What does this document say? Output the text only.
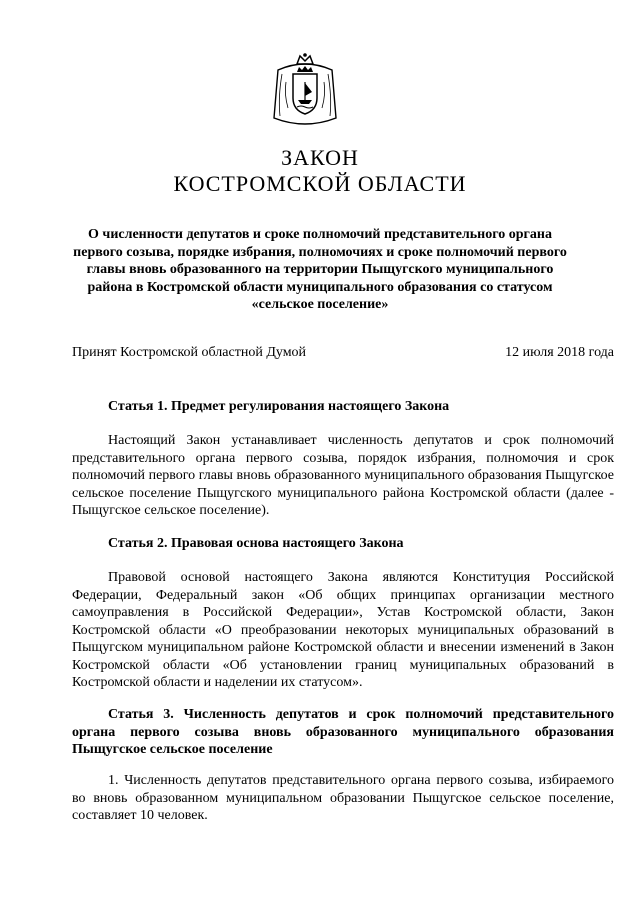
ЗАКОН
КОСТРОМСКОЙ ОБЛАСТИ
О численности депутатов и сроке полномочий представительного органа первого созыва, порядке избрания, полномочиях и сроке полномочий первого главы вновь образованного на территории Пыщугского муниципального района в Костромской области муниципального образования со статусом «сельское поселение»
Принят Костромской областной Думой	12 июля 2018 года
Статья 1. Предмет регулирования настоящего Закона

Настоящий Закон устанавливает численность депутатов и срок полномочий представительного органа первого созыва, порядок избрания, полномочия и срок полномочий первого главы вновь образованного муниципального образования Пыщугское сельское поселение Пыщугского муниципального района Костромской области (далее - Пыщугское сельское поселение).

Статья 2. Правовая основа настоящего Закона

Правовой основой настоящего Закона являются Конституция Российской Федерации, Федеральный закон «Об общих принципах организации местного самоуправления в Российской Федерации», Устав Костромской области, Закон Костромской области «О преобразовании некоторых муниципальных образований в Пыщугском муниципальном районе Костромской области и внесении изменений в Закон Костромской области «Об установлении границ муниципальных образований в Костромской области и наделении их статусом».

Статья 3. Численность депутатов и срок полномочий представительного органа первого созыва вновь образованного муниципального образования Пыщугское сельское поселение

1. Численность депутатов представительного органа первого созыва, избираемого во вновь образованном муниципальном образовании Пыщугское сельское поселение, составляет 10 человек.
